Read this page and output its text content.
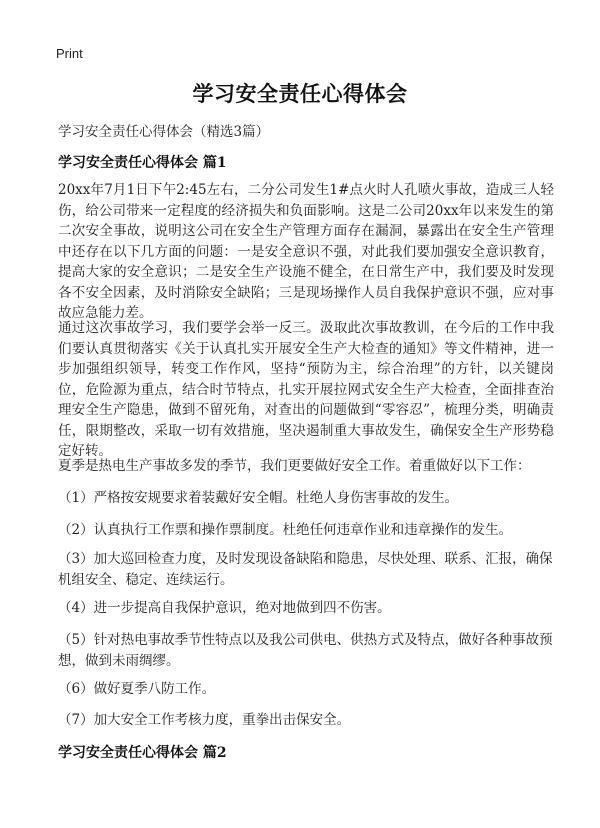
Print
学习安全责任心得体会
学习安全责任心得体会（精选3篇）
学习安全责任心得体会 篇1
20xx年7月1日下午2:45左右，二分公司发生1#点火时人孔喷火事故，造成三人轻伤，给公司带来一定程度的经济损失和负面影响。这是二公司20xx年以来发生的第二次安全事故，说明这公司在安全生产管理方面存在漏洞，暴露出在安全生产管理中还存在以下几方面的问题：一是安全意识不强，对此我们要加强安全意识教育，提高大家的安全意识；二是安全生产设施不健全，在日常生产中，我们要及时发现各不安全因素，及时消除安全缺陷；三是现场操作人员自我保护意识不强，应对事故应急能力差。
通过这次事故学习，我们要学会举一反三。汲取此次事故教训，在今后的工作中我们要认真贯彻落实《关于认真扎实开展安全生产大检查的通知》等文件精神，进一步加强组织领导，转变工作作风，坚持“预防为主，综合治理”的方针，以关键岗位，危险源为重点，结合时节特点，扎实开展拉网式安全生产大检查，全面排查治理安全生产隐患，做到不留死角，对查出的问题做到“零容忍”，梳理分类，明确责任，限期整改，采取一切有效措施，坚决遏制重大事故发生，确保安全生产形势稳定好转。
夏季是热电生产事故多发的季节，我们更要做好安全工作。着重做好以下工作：
（1）严格按安规要求着装戴好安全帽。杜绝人身伤害事故的发生。
（2）认真执行工作票和操作票制度。杜绝任何违章作业和违章操作的发生。
（3）加大巡回检查力度，及时发现设备缺陷和隐患，尽快处理、联系、汇报，确保机组安全、稳定、连续运行。
（4）进一步提高自我保护意识，绝对地做到四不伤害。
（5）针对热电事故季节性特点以及我公司供电、供热方式及特点，做好各种事故预想，做到未雨绸缪。
（6）做好夏季八防工作。
（7）加大安全工作考核力度，重拳出击保安全。
学习安全责任心得体会 篇2
